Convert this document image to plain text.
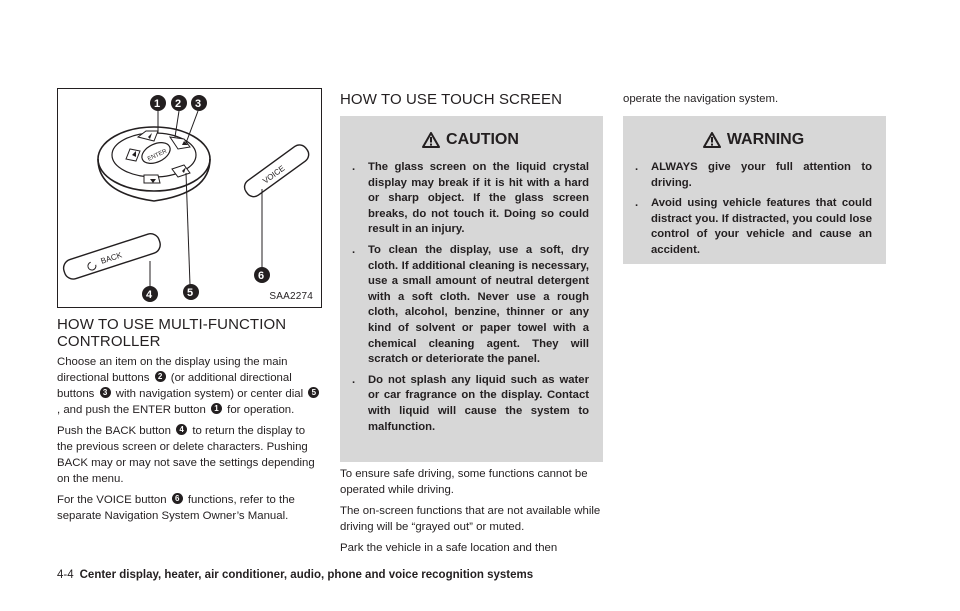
ENTER
BACK
VOICE
1 2 3
4	5
6
SAA2274
HOW TO USE MULTI-FUNCTION
CONTROLLER

Choose an item on the display using the main directional buttons 2 (or additional directional buttons 3 with navigation system) or center dial 5, and push the ENTER button 1 for operation.

Push the BACK button 4 to return the display to the previous screen or delete characters. Pushing BACK may or may not save the settings depending on the menu.

For the VOICE button 6 functions, refer to the separate Navigation System Owner’s Manual.

HOW TO USE TOUCH SCREEN
CAUTION
. The glass screen on the liquid crystal display may break if it is hit with a hard or sharp object. If the glass screen breaks, do not touch it. Doing so could result in an injury.
. To clean the display, use a soft, dry cloth. If additional cleaning is necessary, use a small amount of neutral detergent with a soft cloth. Never use a rough cloth, alcohol, benzine, thinner or any kind of solvent or paper towel with a chemical cleaning agent. They will scratch or deteriorate the panel.
. Do not splash any liquid such as water or car fragrance on the display. Contact with liquid will cause the system to malfunction.

To ensure safe driving, some functions cannot be operated while driving.

The on-screen functions that are not available while driving will be “grayed out” or muted.

Park the vehicle in a safe location and then

operate the navigation system.

WARNING
. ALWAYS give your full attention to driving.
. Avoid using vehicle features that could distract you. If distracted, you could lose control of your vehicle and cause an accident.
4-4 Center display, heater, air conditioner, audio, phone and voice recognition systems
